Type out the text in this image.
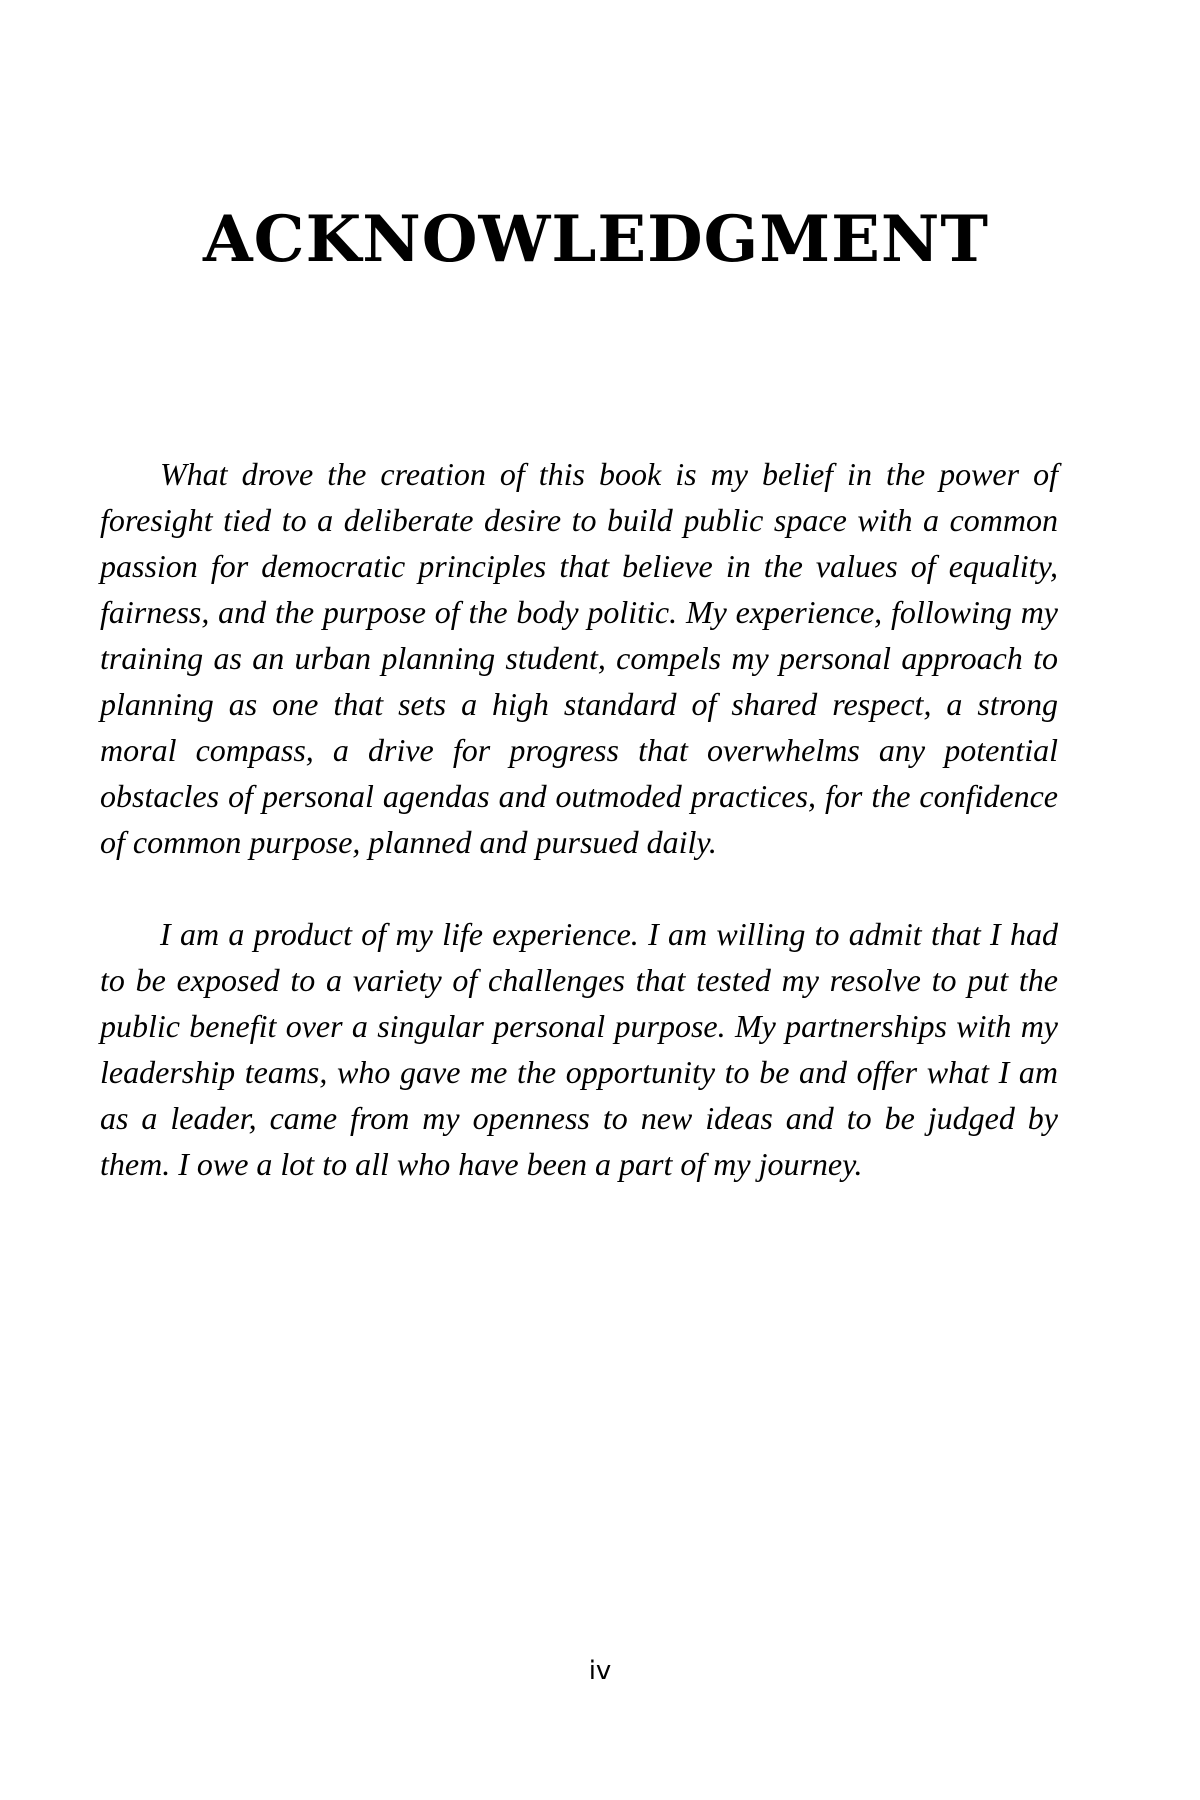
ACKNOWLEDGMENT

What drove the creation of this book is my belief in the power of foresight tied to a deliberate desire to build public space with a common passion for democratic principles that believe in the values of equality, fairness, and the purpose of the body politic. My experience, following my training as an urban planning student, compels my personal approach to planning as one that sets a high standard of shared respect, a strong moral compass, a drive for progress that overwhelms any potential obstacles of personal agendas and outmoded practices, for the confidence of common purpose, planned and pursued daily.

I am a product of my life experience. I am willing to admit that I had to be exposed to a variety of challenges that tested my resolve to put the public benefit over a singular personal purpose. My partnerships with my leadership teams, who gave me the opportunity to be and offer what I am as a leader, came from my openness to new ideas and to be judged by them. I owe a lot to all who have been a part of my journey.

iv
